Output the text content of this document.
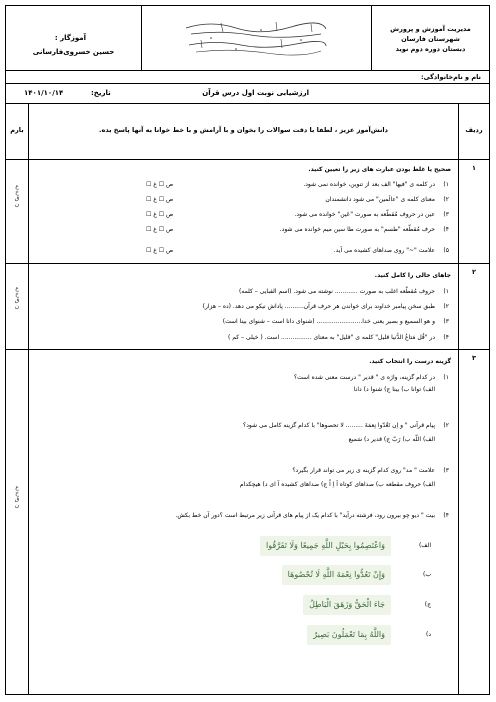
مدیریت آموزش و پرورش
شهرستان فارسان
دبستان دوره دوم نوید
آموزگار :
حسین خسروی‌فارسانی
نام و نام‌خانوادگی:
ارزشیابی نوبت اول درس قرآن
تاریخ:
۱۴۰۱/۱۰/۱۴
ردیف
دانش‌آموز عزیز ، لطفا با دقت سوالات را بخوان و با آرامش و با خط خوانا به آنها پاسخ بده.
بارم
۱
ع
خ
ق
ن
صحیح یا غلط بودن عبارت های زیر را تعیین کنید.
۱)
در کلمه ی "فیها" الف بعد از تنوین، خوانده نمی شود.
ص ☐ غ ☐
۲)
معنای کلمه ی "عالَمین" می شود دانشمندان
ص ☐ غ ☐
۳)
عین در حروف مُقطّعه به صورت "عَین" خوانده می شود.
ص ☐ غ ☐
۴)
حرف مُقطّعه "طسم" به صورت طا سین میم خوانده می شود.
ص ☐ غ ☐
۵)
علامت "~" روی صداهای کشیده می آید.
ص ☐ غ ☐
۲
ع
خ
ق
ن
جاهای خالی را کامل کنید.
۱)
حروف مُقطّعه اغلب به صورت ............ نوشته می شود. (اسم الفبایی – کلمه)
۲)
طبق سخن پیامبر خداوند برای خواندن هر حرف قرآن.......... پاداش نیکو می دهد. (ده – هزار)
۳)
و هو السمیع و بصیر یعنی خدا........................ (شنوای دانا است – شنوای بینا است)
۴)
در "قُل مَتاعُ الدُّنیا قلیل" کلمه ی "قلیل" به معنای ................ است. ( خیلی – کم )
۳
ع
خ
ق
ن
گزینه درست را انتخاب کنید.
۱)
در کدام گزینه، واژه ی " قدیر " درست معنی شده است؟
الف) توانا ب) بینا ج) شنوا د) دانا
۲)
پیام قرآنی " و اِن تَعُدّوا نِعمَةَ ......... لا تحصوها" با کدام گزینه کامل می شود؟
الف) اللّه ب) رَبّ ج) قدیر د) سَمیع
۳)
علامت " مد" روی کدام گزینه ی زیر می تواند قرار بگیرد؟
الف) حروف مقطعه ب) صداهای کوتاه اَ اِ اُ ج) صداهای کشیده آ ای د) هیچکدام
۴)
بیت " دیو چو بیرون رود، فرشته درآید" با کدام یک از پیام های قرآنی زیر مرتبط است ؟دور آن خط بکش.
الف)
وَاعْتَصِمُوا بِحَبْلِ اللَّهِ جَمِيعًا وَلَا تَفَرَّقُوا
ب)
وَإِنْ تَعُدُّوا نِعْمَةَ اللَّهِ لَا تُحْصُوهَا
ج)
جَاءَ الْحَقُّ وَزَهَقَ الْبَاطِلُ
د)
وَاللَّهُ بِمَا تَعْمَلُونَ بَصِيرٌ
